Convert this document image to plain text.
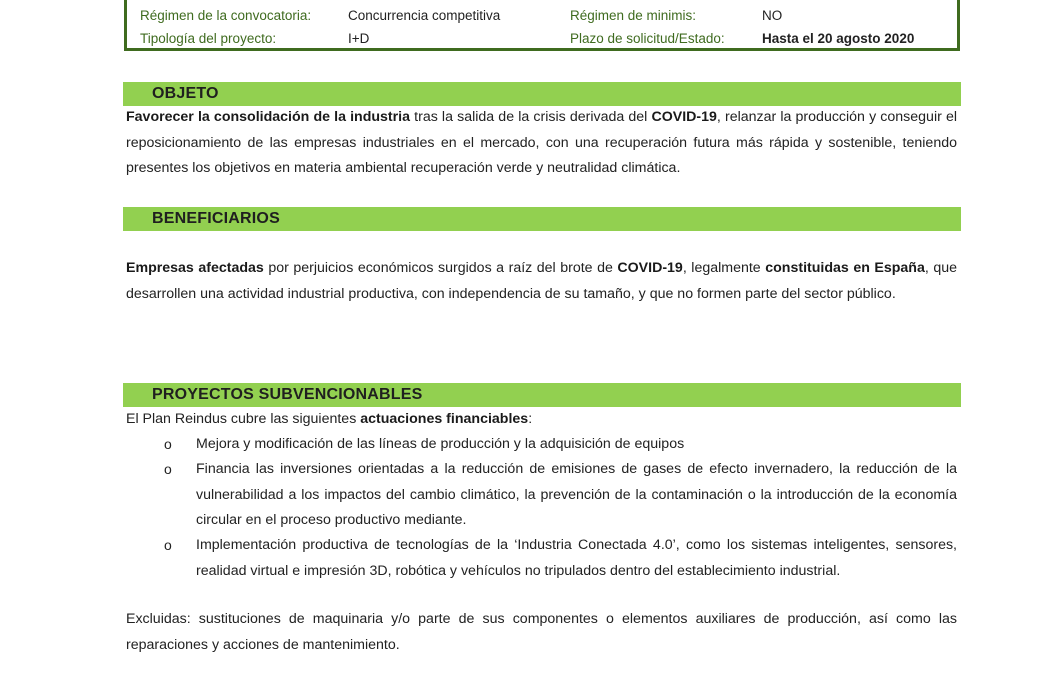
Régimen de la convocatoria:	Concurrencia competitiva	Régimen de minimis:	NO
Tipología del proyecto:	I+D	Plazo de solicitud/Estado:	Hasta el 20 agosto 2020
OBJETO
Favorecer la consolidación de la industria tras la salida de la crisis derivada del COVID-19, relanzar la producción y conseguir el reposicionamiento de las empresas industriales en el mercado, con una recuperación futura más rápida y sostenible, teniendo presentes los objetivos en materia ambiental recuperación verde y neutralidad climática.
BENEFICIARIOS
Empresas afectadas por perjuicios económicos surgidos a raíz del brote de COVID-19, legalmente constituidas en España, que desarrollen una actividad industrial productiva, con independencia de su tamaño, y que no formen parte del sector público.
PROYECTOS SUBVENCIONABLES
El Plan Reindus cubre las siguientes actuaciones financiables:
o Mejora y modificación de las líneas de producción y la adquisición de equipos
o Financia las inversiones orientadas a la reducción de emisiones de gases de efecto invernadero, la reducción de la vulnerabilidad a los impactos del cambio climático, la prevención de la contaminación o la introducción de la economía circular en el proceso productivo mediante.
o Implementación productiva de tecnologías de la ‘Industria Conectada 4.0’, como los sistemas inteligentes, sensores, realidad virtual e impresión 3D, robótica y vehículos no tripulados dentro del establecimiento industrial.
Excluidas: sustituciones de maquinaria y/o parte de sus componentes o elementos auxiliares de producción, así como las reparaciones y acciones de mantenimiento.
